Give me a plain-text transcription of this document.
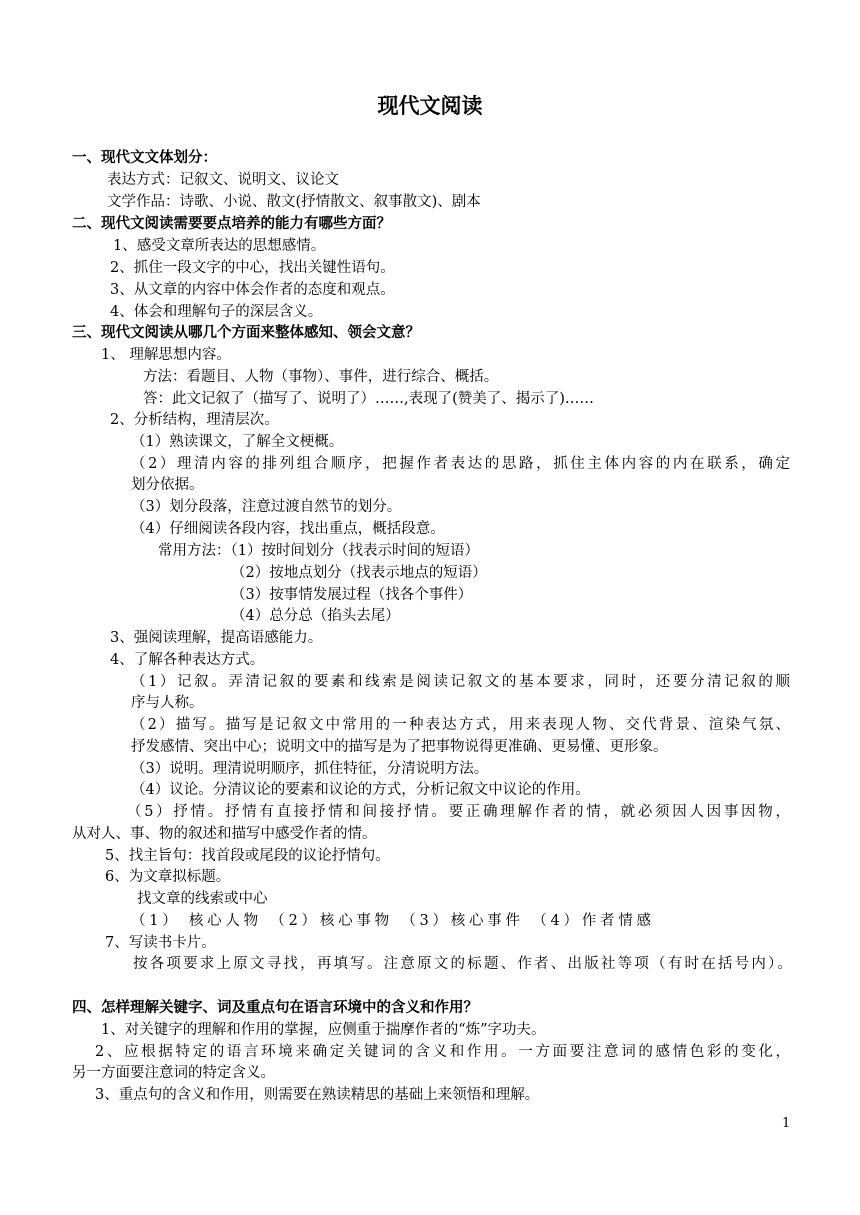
现代文阅读
一、现代文文体划分：
表达方式：记叙文、说明文、议论文
文学作品：诗歌、小说、散文(抒情散文、叙事散文)、剧本
二、现代文阅读需要要点培养的能力有哪些方面？
1、感受文章所表达的思想感情。
2、抓住一段文字的中心，找出关键性语句。
3、从文章的内容中体会作者的态度和观点。
4、体会和理解句子的深层含义。
三、现代文阅读从哪几个方面来整体感知、领会文意？
1、 理解思想内容。
方法：看题目、人物（事物）、事件，进行综合、概括。
答：此文记叙了（描写了、说明了）……,表现了(赞美了、揭示了)……
2、分析结构，理清层次。
（1）熟读课文，了解全文梗概。
（2）理清内容的排列组合顺序，把握作者表达的思路，抓住主体内容的内在联系，确定
划分依据。
（3）划分段落，注意过渡自然节的划分。
（4）仔细阅读各段内容，找出重点，概括段意。
常用方法：（1）按时间划分（找表示时间的短语）
（2）按地点划分（找表示地点的短语）
（3）按事情发展过程（找各个事件）
（4）总分总（掐头去尾）
3、强阅读理解，提高语感能力。
4、了解各种表达方式。
（1）记叙。弄清记叙的要素和线索是阅读记叙文的基本要求，同时，还要分清记叙的顺
序与人称。
（2）描写。描写是记叙文中常用的一种表达方式，用来表现人物、交代背景、渲染气氛、
抒发感情、突出中心；说明文中的描写是为了把事物说得更准确、更易懂、更形象。
（3）说明。理清说明顺序，抓住特征，分清说明方法。
（4）议论。分清议论的要素和议论的方式，分析记叙文中议论的作用。
（5）抒情。抒情有直接抒情和间接抒情。要正确理解作者的情，就必须因人因事因物，
从对人、事、物的叙述和描写中感受作者的情。
5、找主旨句：找首段或尾段的议论抒情句。
6、为文章拟标题。
找文章的线索或中心
（1） 核心人物 （2）核心事物 （3）核心事件 （4）作者情感
7、写读书卡片。
按各项要求上原文寻找，再填写。注意原文的标题、作者、出版社等项（有时在括号内）。
四、怎样理解关键字、词及重点句在语言环境中的含义和作用？
1、对关键字的理解和作用的掌握，应侧重于揣摩作者的“炼”字功夫。
2、应根据特定的语言环境来确定关键词的含义和作用。一方面要注意词的感情色彩的变化，
另一方面要注意词的特定含义。
3、重点句的含义和作用，则需要在熟读精思的基础上来领悟和理解。
1
